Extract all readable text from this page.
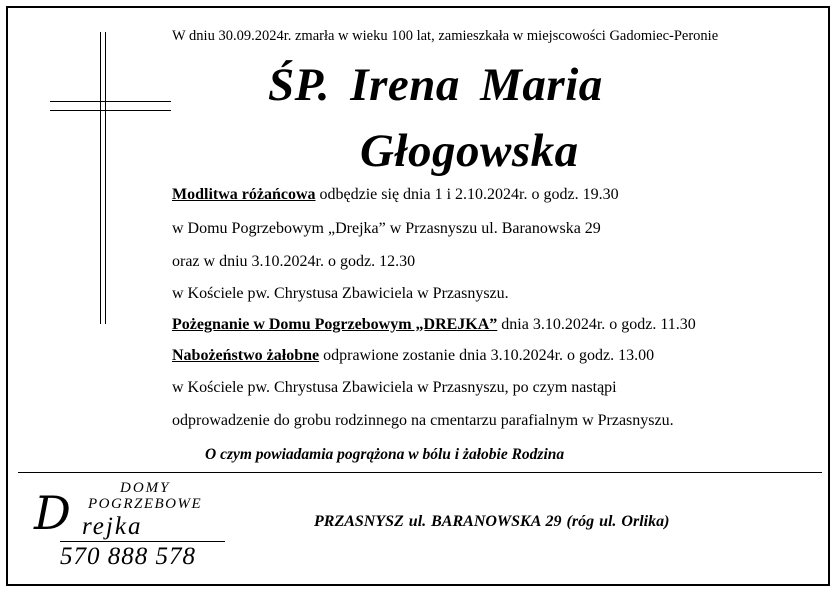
W dniu 30.09.2024r. zmarła w wieku 100 lat, zamieszkała w miejscowości Gadomiec-Peronie
ŚP. Irena Maria
Głogowska
Modlitwa różańcowa odbędzie się dnia 1 i 2.10.2024r. o godz. 19.30
w Domu Pogrzebowym „Drejka” w Przasnyszu ul. Baranowska 29
oraz w dniu 3.10.2024r. o godz. 12.30
w Kościele pw. Chrystusa Zbawiciela w Przasnyszu.
Pożegnanie w Domu Pogrzebowym „DREJKA” dnia 3.10.2024r. o godz. 11.30
Nabożeństwo żałobne odprawione zostanie dnia 3.10.2024r. o godz. 13.00
w Kościele pw. Chrystusa Zbawiciela w Przasnyszu, po czym nastąpi
odprowadzenie do grobu rodzinnego na cmentarzu parafialnym w Przasnyszu.
O czym powiadamia pogrążona w bólu i żałobie Rodzina
DOMY
POGRZEBOWE
D rejka
570 888 578
PRZASNYSZ ul. BARANOWSKA 29 (róg ul. Orlika)
